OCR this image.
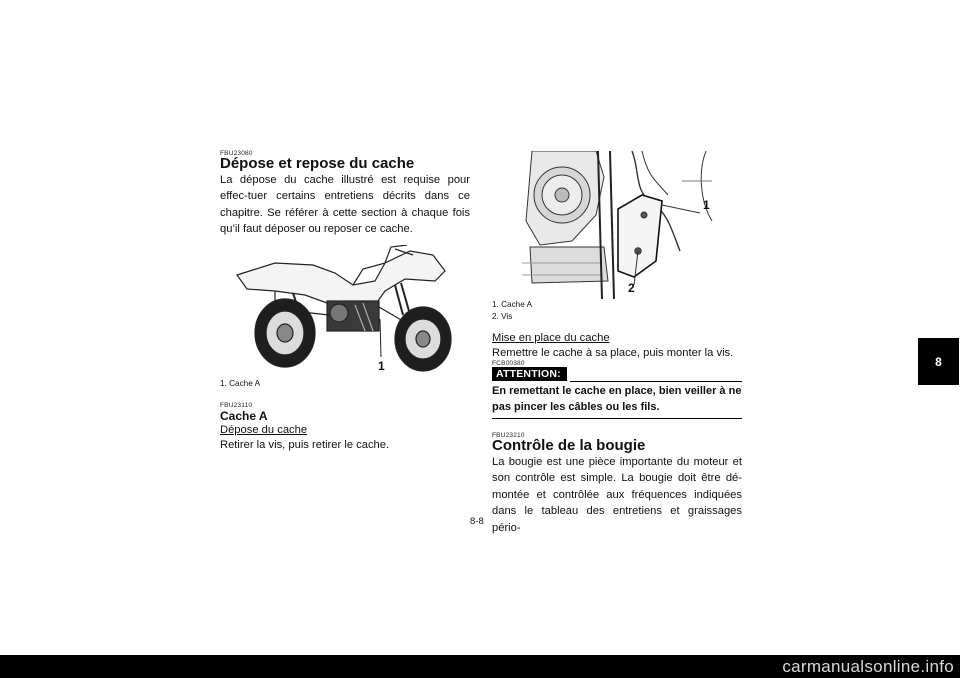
FBU23080
Dépose et repose du cache
La dépose du cache illustré est requise pour effec-tuer certains entretiens décrits dans ce chapitre. Se référer à cette section à chaque fois qu’il faut déposer ou reposer ce cache.
1
1. Cache A
FBU23110
Cache A
Dépose du cache
Retirer la vis, puis retirer le cache.
1
2
1. Cache A
2. Vis
Mise en place du cache
Remettre le cache à sa place, puis monter la vis.
FCB00380
ATTENTION:
En remettant le cache en place, bien veiller à ne pas pincer les câbles ou les fils.
FBU23210
Contrôle de la bougie
La bougie est une pièce importante du moteur et son contrôle est simple. La bougie doit être dé-montée et contrôlée aux fréquences indiquées dans le tableau des entretiens et graissages pério-
8-8
8
carmanualsonline.info
